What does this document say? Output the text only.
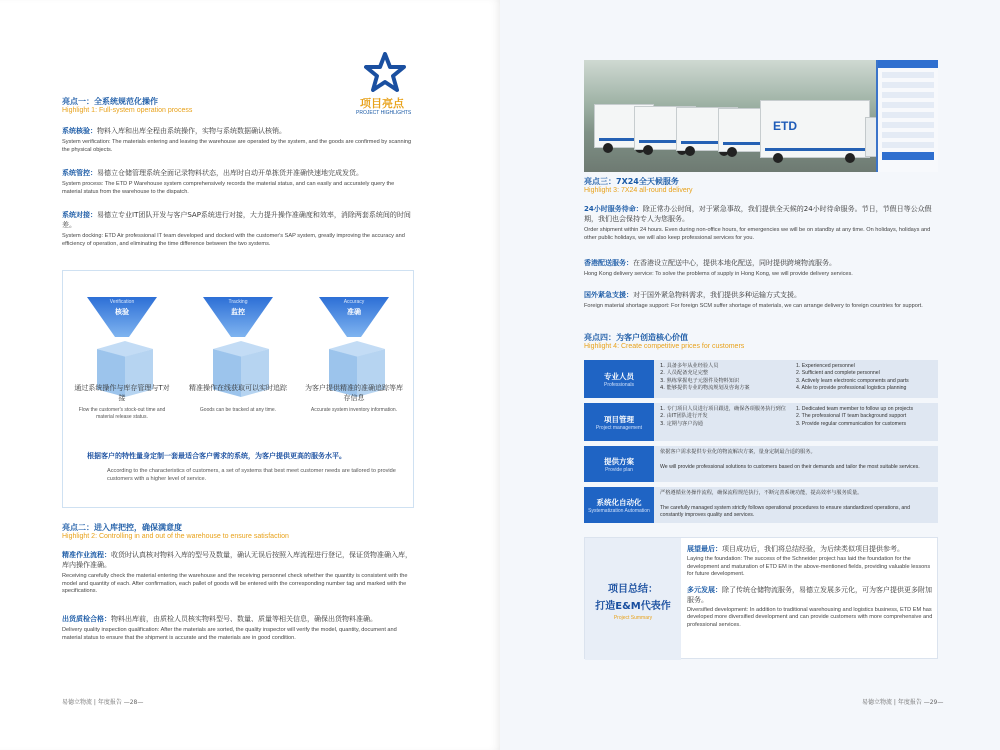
项目亮点
PROJECT HIGHLIGHTS
亮点一：全系统规范化操作
Highlight 1: Full-system operation process
系统核验：物料入库和出库全程由系统操作，实物与系统数据确认核销。
System verification: The materials entering and leaving the warehouse are operated by the system, and the goods are confirmed by scanning the physical objects.
系统管控：易德立仓储管理系统全面记录物料状态，出库时自动开单拣货并准确快速地完成发货。
System process: The ETD P Warehouse system comprehensively records the material status, and can easily and accurately query the material status from the warehouse to the dispatch.
系统对接：易德立专业IT团队开发与客户SAP系统进行对接，大力提升操作准确度和效率，消除两套系统间的时间差。
System docking: ETD Air professional IT team developed and docked with the customer's SAP system, greatly improving the accuracy and efficiency of operation, and eliminating the time difference between the two systems.
Verification
核验
通过系统操作与库存管理与T对接
Flow the customer's stock-out time and material release status.
Tracking
监控
精准操作在线获取可以实时追踪
Goods can be tracked at any time.
Accuracy
准确
为客户提供精准的准确追踪等库存信息
Accurate system inventory information.
根据客户的特性量身定制一套最适合客户需求的系统，为客户提供更高的服务水平。
According to the characteristics of customers, a set of systems that best meet customer needs are tailored to provide customers with a higher level of service.
亮点二：进入库把控，确保满意度
Highlight 2: Controlling in and out of the warehouse to ensure satisfaction
精准作业流程：收货时认真核对物料入库的型号及数量，确认无误后按照入库流程进行登记，保证货物准确入库，库内操作准确。
Receiving carefully check the material entering the warehouse and the receiving personnel check whether the quantity is consistent with the model and quantity of each. After confirmation, each pallet of goods will be entered with the corresponding number tag and marked with the specifications.
出货质检合格：物料出库前，由质检人员核实物料型号、数量、质量等相关信息，确保出货物料准确。
Delivery quality inspection qualification: After the materials are sorted, the quality inspector will verify the model, quantity, document and material status to ensure that the shipment is accurate and the materials are in good condition.
易德立物流 | 年度报告 —28—
ETD
亮点三：7X24全天候服务
Highlight 3: 7X24 all-round delivery
24小时服务待命：除正常办公时间，对于紧急事故，我们提供全天候的24小时待命服务。节日，节假日等公众假期，我们也会保持专人为您服务。
Order shipment within 24 hours. Even during non-office hours, for emergencies we will be on standby at any time. On holidays, holidays and other public holidays, we will also keep professional services for you.
香港配送服务：在香港设立配送中心，提供本地化配送，同时提供跨境物流服务。
Hong Kong delivery service: To solve the problems of supply in Hong Kong, we will provide delivery services.
国外紧急支援：对于国外紧急物料需求，我们提供多种运输方式支援。
Foreign material shortage support: For foreign SCM suffer shortage of materials, we can arrange delivery to foreign countries for support.
亮点四：为客户创造核心价值
Highlight 4: Create competitive prices for customers
专业人员
Professionals
1. 具备多年从业经验人员
2. 人员配备充足完整
3. 熟练掌握电子元器件及物料知识
4. 能够提供专业的物流规划及咨询方案
1. Experienced personnel
2. Sufficient and complete personnel
3. Actively learn electronic components and parts
4. Able to provide professional logistics planning
项目管理
Project management
1. 专门项目人员进行项目跟进，确保各项服务执行到位
2. 由IT团队进行开发
3. 定期与客户沟通
1. Dedicated team member to follow up on projects
2. The professional IT team background support
3. Provide regular communication for customers
提供方案
Provide plan
依据客户需求提供专业化的物流解决方案，量身定制最合适的服务。
We will provide professional solutions to customers based on their demands and tailor the most suitable services.
系统化自动化
Systematization Automation
严格遵循业务操作流程，确保流程规范执行，不断完善系统功能，提高效率与服务质量。
The carefully managed system strictly follows operational procedures to ensure standardized operations, and constantly improves quality and services.
项目总结：
打造E&M代表作
Project Summary
展望最后：项目成功后，我们将总结经验，为后续类似项目提供参考。
Laying the foundation: The success of the Schneider project has laid the foundation for the development and maturation of ETD EM in the above-mentioned fields, providing valuable lessons for future development.
多元发展：除了传统仓储物流服务，易德立发展多元化，可为客户提供更多附加服务。
Diversified development: In addition to traditional warehousing and logistics business, ETD EM has developed more diversified development and can provide customers with more comprehensive and professional services.
易德立物流 | 年度报告 —29—
